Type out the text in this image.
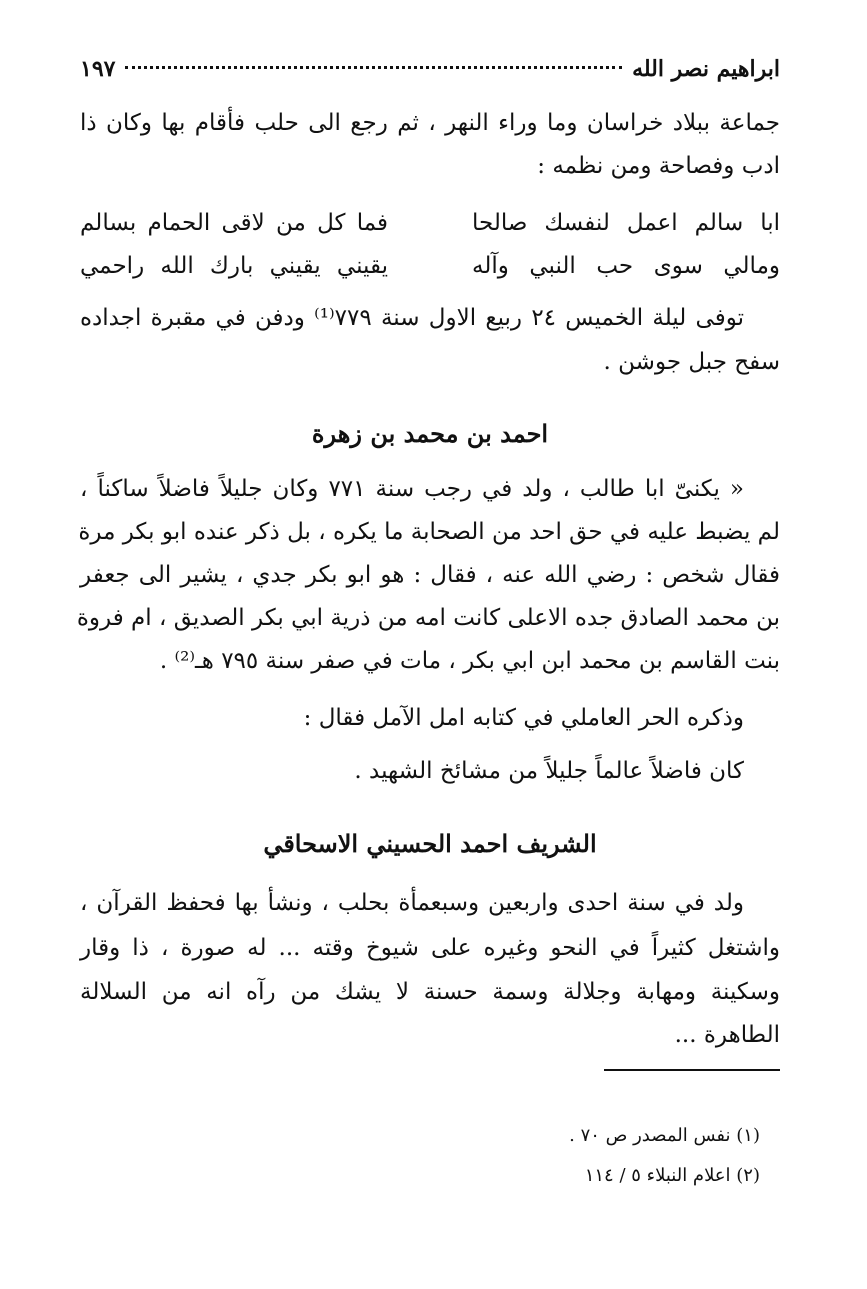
ابراهيم نصر الله
١٩٧
جماعة ببلاد خراسان وما وراء النهر ، ثم رجع الى حلب فأقام بها وكان ذا
ادب وفصاحة ومن نظمه :
ابا سالم اعمل لنفسك صالحا
فما كل من لاقى الحمام بسالم
ومالي سوى حب النبي وآله
يقيني يقيني بارك الله راحمي
توفى ليلة الخميس ٢٤ ربيع الاول سنة ٧٧٩⁽¹⁾ ودفن في مقبرة اجداده
سفح جبل جوشن .
احمد بن محمد بن زهرة
« يكنىّ ابا طالب ، ولد في رجب سنة ٧٧١ وكان جليلاً فاضلاً ساكناً ،
لم يضبط عليه في حق احد من الصحابة ما يكره ، بل ذكر عنده ابو بكر مرة
فقال شخص : رضي الله عنه ، فقال : هو ابو بكر جدي ، يشير الى جعفر
بن محمد الصادق جده الاعلى كانت امه من ذرية ابي بكر الصديق ، ام فروة
بنت القاسم بن محمد ابن ابي بكر ، مات في صفر سنة ٧٩٥ هـ⁽²⁾ .
وذكره الحر العاملي في كتابه امل الآمل فقال :
كان فاضلاً عالماً جليلاً من مشائخ الشهيد .
الشريف احمد الحسيني الاسحاقي
ولد في سنة احدى واربعين وسبعمأة بحلب ، ونشأ بها فحفظ القرآن ،
واشتغل كثيراً في النحو وغيره على شيوخ وقته ... له صورة ، ذا وقار
وسكينة ومهابة وجلالة وسمة حسنة لا يشك من رآه انه من السلالة
الطاهرة ...
(١) نفس المصدر ص ٧٠ .
(٢) اعلام النبلاء ٥ / ١١٤
